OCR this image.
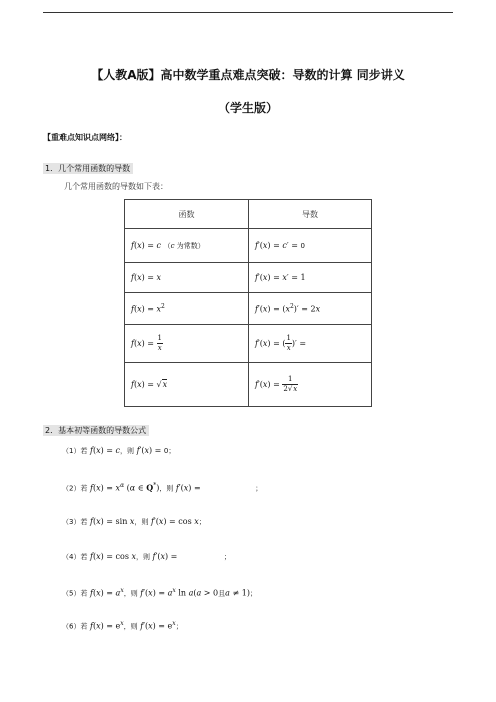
【人教A版】高中数学重点难点突破：导数的计算 同步讲义
（学生版）
【重难点知识点网络】：
1．几个常用函数的导数
几个常用函数的导数如下表：
函数	导数
f(x) = c （c 为常数）	f′(x) = c′ = 0
f(x) = x	f′(x) = x′ = 1
$f(x) = x^2$	$f'(x) = (x^2)' = 2x$
$f(x) = \frac{1}{x}$	f′(x) = ( $\frac{1}{x}$ )′ =
f(x) = √x	$f'(x) = \frac{1}{2√x}$
2．基本初等函数的导数公式
（1）若 f(x) = c，则 f′(x) = 0；
（2）若 $f(x) = x^\alpha$ (α ∈ Q*)，则 f′(x) =	；
（3）若 f(x) = sin x，则 f′(x) = cos x；
（4）若 f(x) = cos x，则 f′(x) =	；
（5）若 $f(x) = a^x$，则 $f'(x) = a^x$ ln a(a > 0且a ≠ 1)；
（6）若 $f(x) = e^x$，则 $f'(x) = e^x$；
